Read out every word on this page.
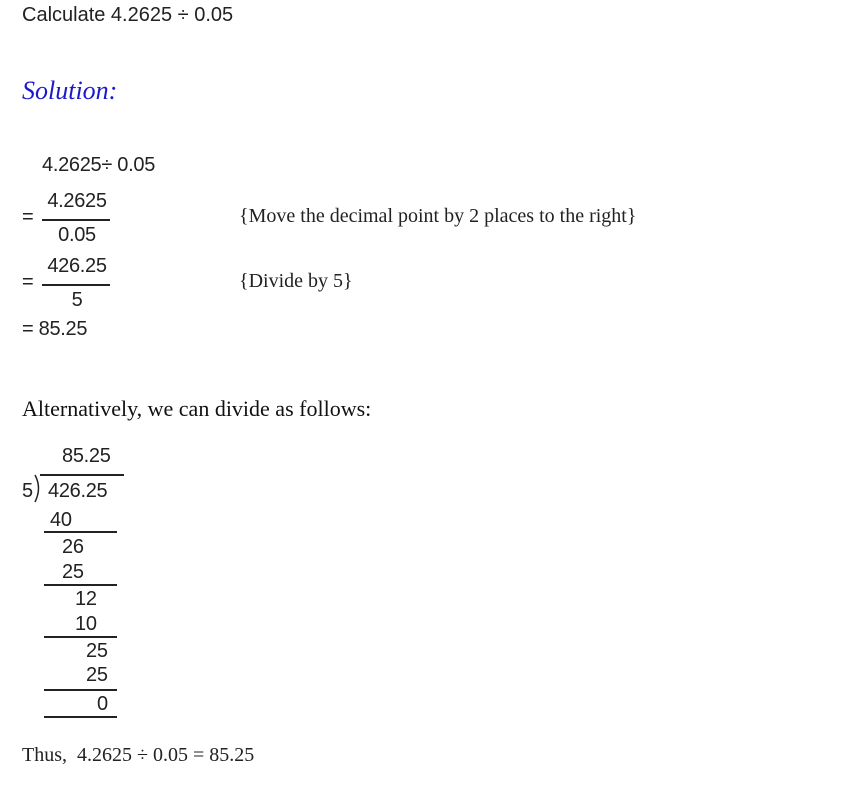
Calculate 4.2625 ÷ 0.05
Solution:
4.2625÷ 0.05
=
4.2625
0.05
{Move the decimal point by 2 places to the right}
=
426.25
5
{Divide by 5}
= 85.25
Alternatively, we can divide as follows:
85.25
5 426.25
40
26
25
12
10
25
25
0
Thus,  4.2625 ÷ 0.05 = 85.25
